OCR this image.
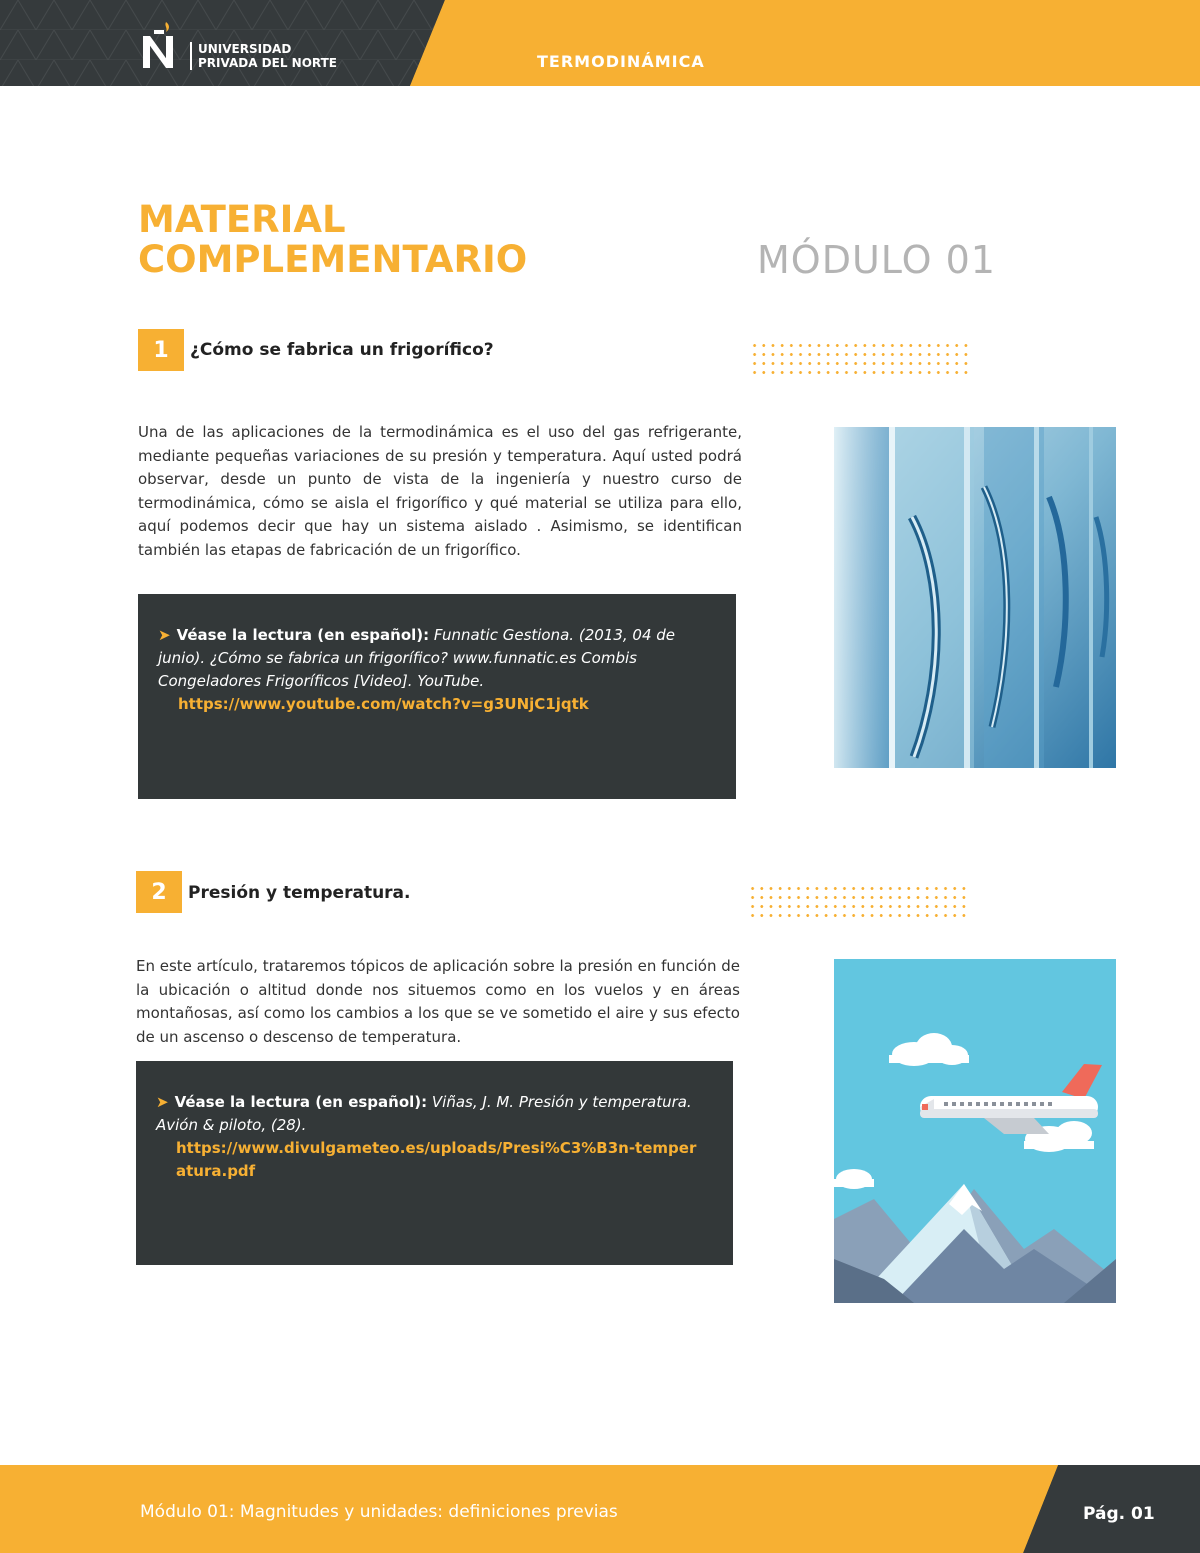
UNIVERSIDAD
PRIVADA DEL NORTE	TERMODINÁMICA
MATERIAL
COMPLEMENTARIO	MÓDULO 01
1	¿Cómo se fabrica un frigorífico?
Una de las aplicaciones de la termodinámica es el uso del gas refrigerante, mediante pequeñas variaciones de su presión y temperatura. Aquí usted podrá observar, desde un punto de vista de la ingeniería y nuestro curso de termodinámica, cómo se aisla el frigorífico y qué material se utiliza para ello, aquí podemos decir que hay un sistema aislado . Asimismo, se identifican también las etapas de fabricación de un frigorífico.
➤ Véase la lectura (en español): Funnatic Gestiona. (2013, 04 de junio). ¿Cómo se fabrica un frigorífico? www.funnatic.es Combis Congeladores Frigoríficos [Video]. YouTube.
https://www.youtube.com/watch?v=g3UNjC1jqtk
2	Presión y temperatura.
En este artículo, trataremos tópicos de aplicación sobre la presión en función de la ubicación o altitud donde nos situemos como en los vuelos y en áreas montañosas, así como los cambios a los que se ve sometido el aire y sus efecto de un ascenso o descenso de temperatura.
➤ Véase la lectura (en español): Viñas, J. M. Presión y temperatura. Avión & piloto, (28).
https://www.divulgameteo.es/uploads/Presi%C3%B3n-temperatura.pdf
Módulo 01: Magnitudes y unidades: definiciones previas	Pág. 01
